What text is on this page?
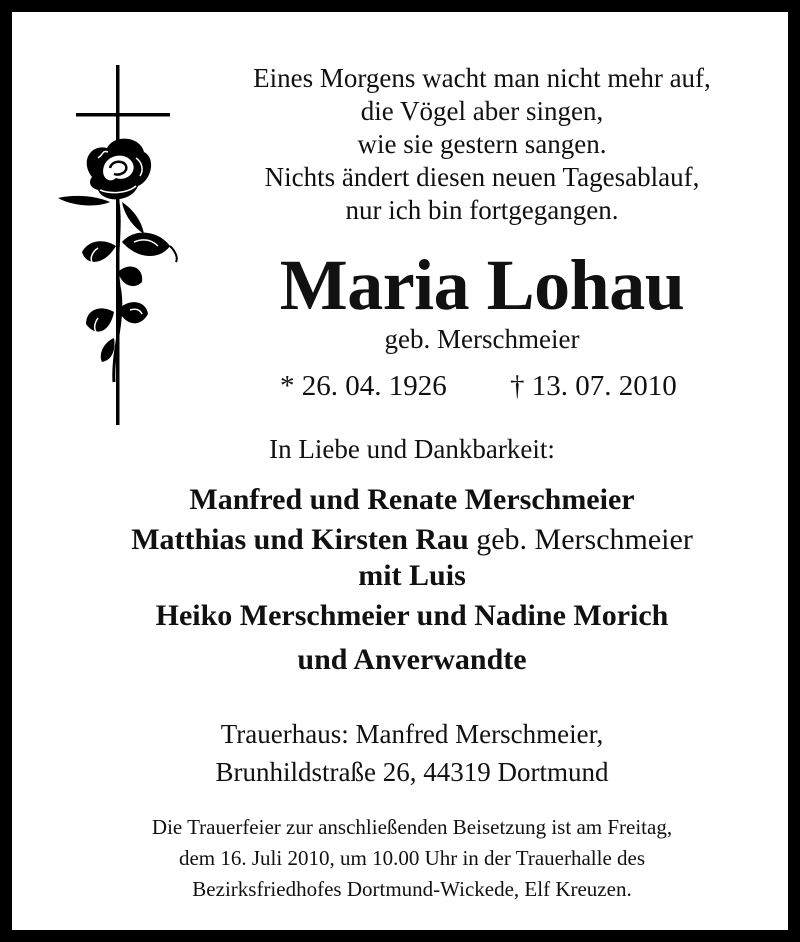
Eines Morgens wacht man nicht mehr auf,
die Vögel aber singen,
wie sie gestern sangen.
Nichts ändert diesen neuen Tagesablauf,
nur ich bin fortgegangen.
Maria Lohau
geb. Merschmeier
* 26. 04. 1926 † 13. 07. 2010
In Liebe und Dankbarkeit:
Manfred und Renate Merschmeier
Matthias und Kirsten Rau geb. Merschmeier
mit Luis
Heiko Merschmeier und Nadine Morich
und Anverwandte
Trauerhaus: Manfred Merschmeier,
Brunhildstraße 26, 44319 Dortmund
Die Trauerfeier zur anschließenden Beisetzung ist am Freitag,
dem 16. Juli 2010, um 10.00 Uhr in der Trauerhalle des
Bezirksfriedhofes Dortmund-Wickede, Elf Kreuzen.
